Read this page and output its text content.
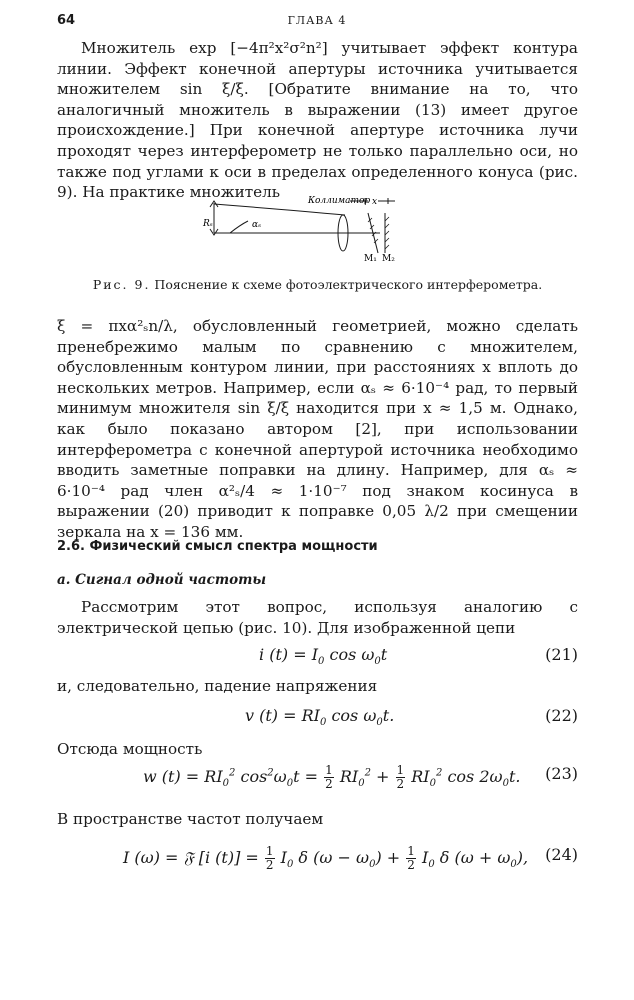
64	ГЛАВА 4

Множитель exp [−4π²x²σ²n²] учитывает эффект контура линии. Эффект конечной апертуры источника учитывается множителем sin ξ/ξ. [Обратите внимание на то, что аналогичный множитель в выражении (13) имеет другое происхождение.] При конечной апертуре источника лучи проходят через интерферометр не только параллельно оси, но также под углами к оси в пределах определенного конуса (рис. 9). На практике множитель	Коллиматор x
Rₛ	αₛ
M₁ M₂
Рис. 9. Пояснение к схеме фотоэлектрического интерферометра.

ξ = πxα²ₛn/λ, обусловленный геометрией, можно сделать пренебрежимо малым по сравнению с множителем, обусловленным контуром линии, при расстояниях x вплоть до нескольких метров. Например, если αₛ ≈ 6·10⁻⁴ рад, то первый минимум множителя sin ξ/ξ находится при x ≈ 1,5 м. Однако, как было показано автором [2], при использовании интерферометра с конечной апертурой источника необходимо вводить заметные поправки на длину. Например, для αₛ ≈ 6·10⁻⁴ рад член α²ₛ/4 ≈ 1·10⁻⁷ под знаком косинуса в выражении (20) приводит к поправке 0,05 λ/2 при смещении зеркала на x = 136 мм.

2.6. Физический смысл спектра мощности
а. Сигнал одной частоты

Рассмотрим этот вопрос, используя аналогию с электрической цепью (рис. 10). Для изображенной цепи

i $(t) = I_0$ $\cos \omega_0t$	(21)
и, следовательно, падение напряжения
v $(t) = RI_0$ $\cos \omega_0t$.	(22)
Отсюда мощность
w $(t) = RI_0^2$ $\cos^2\omega_0t = \frac{1}{2} RI_0^2 + \frac{1}{2} RI_0^2$ $\cos 2\omega_0t$. (23)
В пространстве частот получаем
I (ω) = 𝔉 [i $(t)] = \frac{1}{2} I_0$ δ $(\omega - \omega_0) + \frac{1}{2} I_0$ δ $(\omega + \omega_0)$, (24)
